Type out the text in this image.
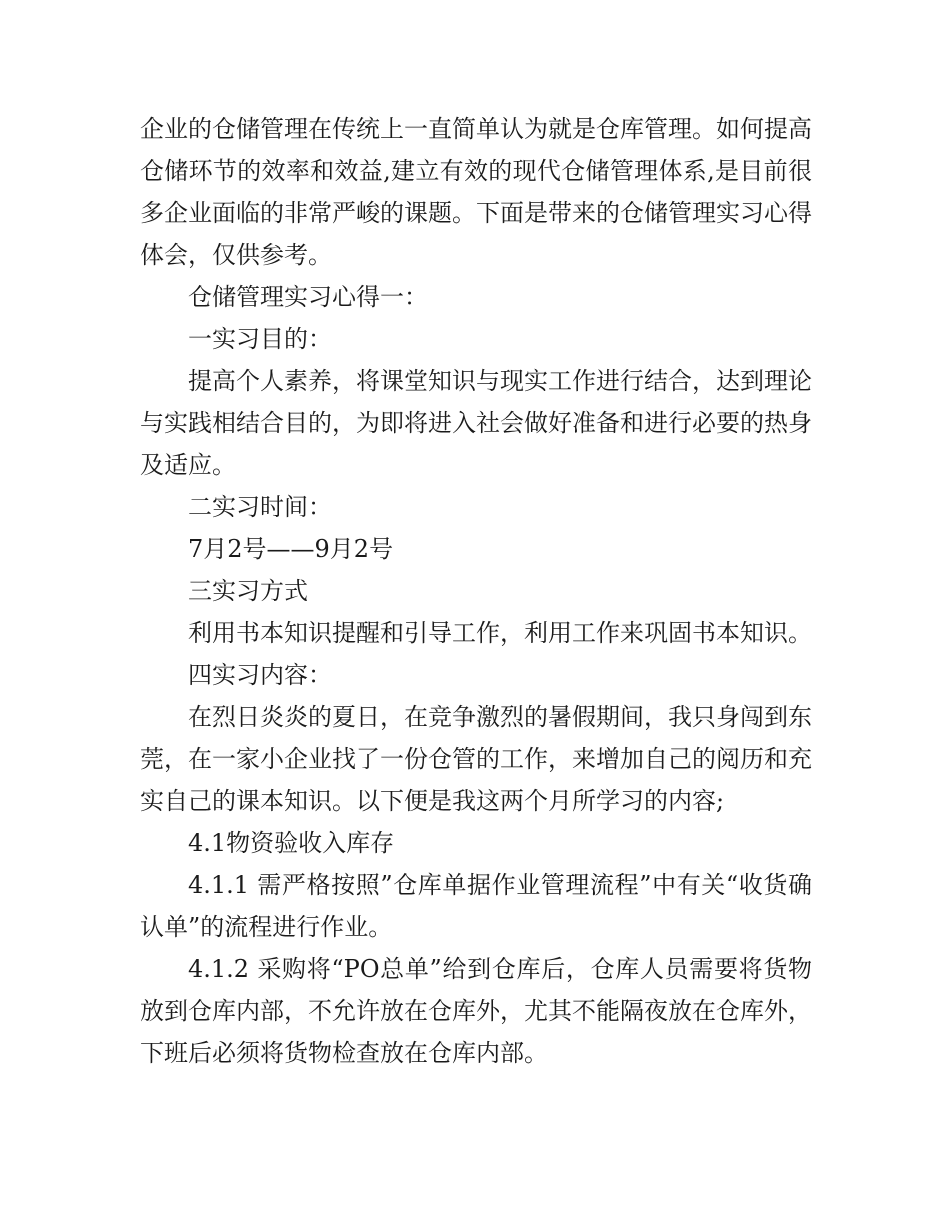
企业的仓储管理在传统上一直简单认为就是仓库管理。如何提高仓储环节的效率和效益,建立有效的现代仓储管理体系,是目前很多企业面临的非常严峻的课题。下面是带来的仓储管理实习心得体会，仅供参考。

仓储管理实习心得一：

一实习目的：

提高个人素养，将课堂知识与现实工作进行结合，达到理论与实践相结合目的，为即将进入社会做好准备和进行必要的热身及适应。

二实习时间：

7月2号——9月2号

三实习方式

利用书本知识提醒和引导工作，利用工作来巩固书本知识。

四实习内容：

在烈日炎炎的夏日，在竞争激烈的暑假期间，我只身闯到东莞，在一家小企业找了一份仓管的工作，来增加自己的阅历和充实自己的课本知识。以下便是我这两个月所学习的内容;

4.1物资验收入库存

4.1.1 需严格按照”仓库单据作业管理流程”中有关“收货确认单”的流程进行作业。

4.1.2 采购将“PO总单”给到仓库后，仓库人员需要将货物放到仓库内部，不允许放在仓库外，尤其不能隔夜放在仓库外，下班后必须将货物检查放在仓库内部。
